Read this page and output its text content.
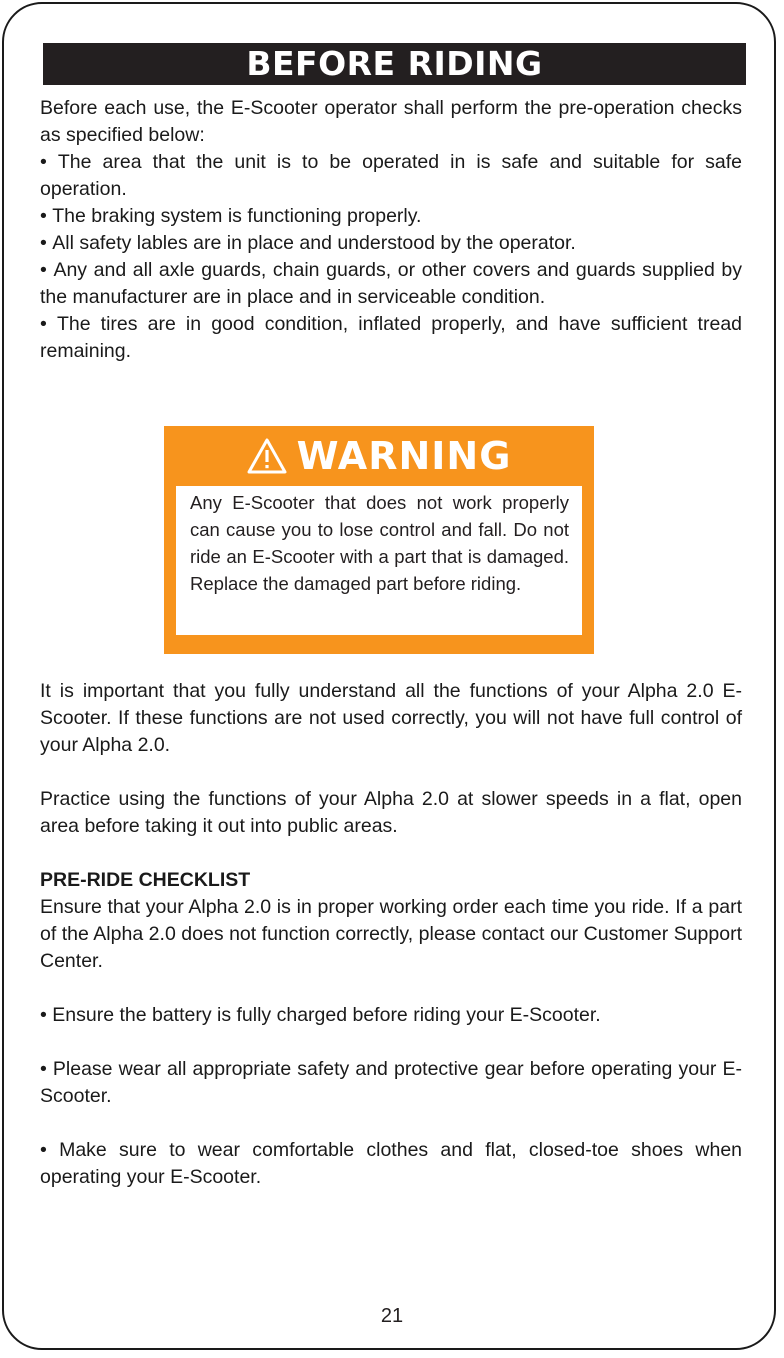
BEFORE RIDING

Before each use, the E-Scooter operator shall perform the pre-operation checks as specified below:

• The area that the unit is to be operated in is safe and suitable for safe operation.

• The braking system is functioning properly.

• All safety lables are in place and understood by the operator.

• Any and all axle guards, chain guards, or other covers and guards supplied by the manufacturer are in place and in serviceable condition.

• The tires are in good condition, inflated properly, and have sufficient tread remaining.

WARNING
Any E-Scooter that does not work properly can cause you to lose control and fall. Do not ride an E-Scooter with a part that is damaged. Replace the damaged part before riding.

It is important that you fully understand all the functions of your Alpha 2.0 E-Scooter. If these functions are not used correctly, you will not have full control of your Alpha 2.0.

Practice using the functions of your Alpha 2.0 at slower speeds in a flat, open area before taking it out into public areas.

PRE-RIDE CHECKLIST

Ensure that your Alpha 2.0 is in proper working order each time you ride. If a part of the Alpha 2.0 does not function correctly, please contact our Customer Support Center.

• Ensure the battery is fully charged before riding your E-Scooter.

• Please wear all appropriate safety and protective gear before operating your E-Scooter.

• Make sure to wear comfortable clothes and flat, closed-toe shoes when operating your E-Scooter.

21
